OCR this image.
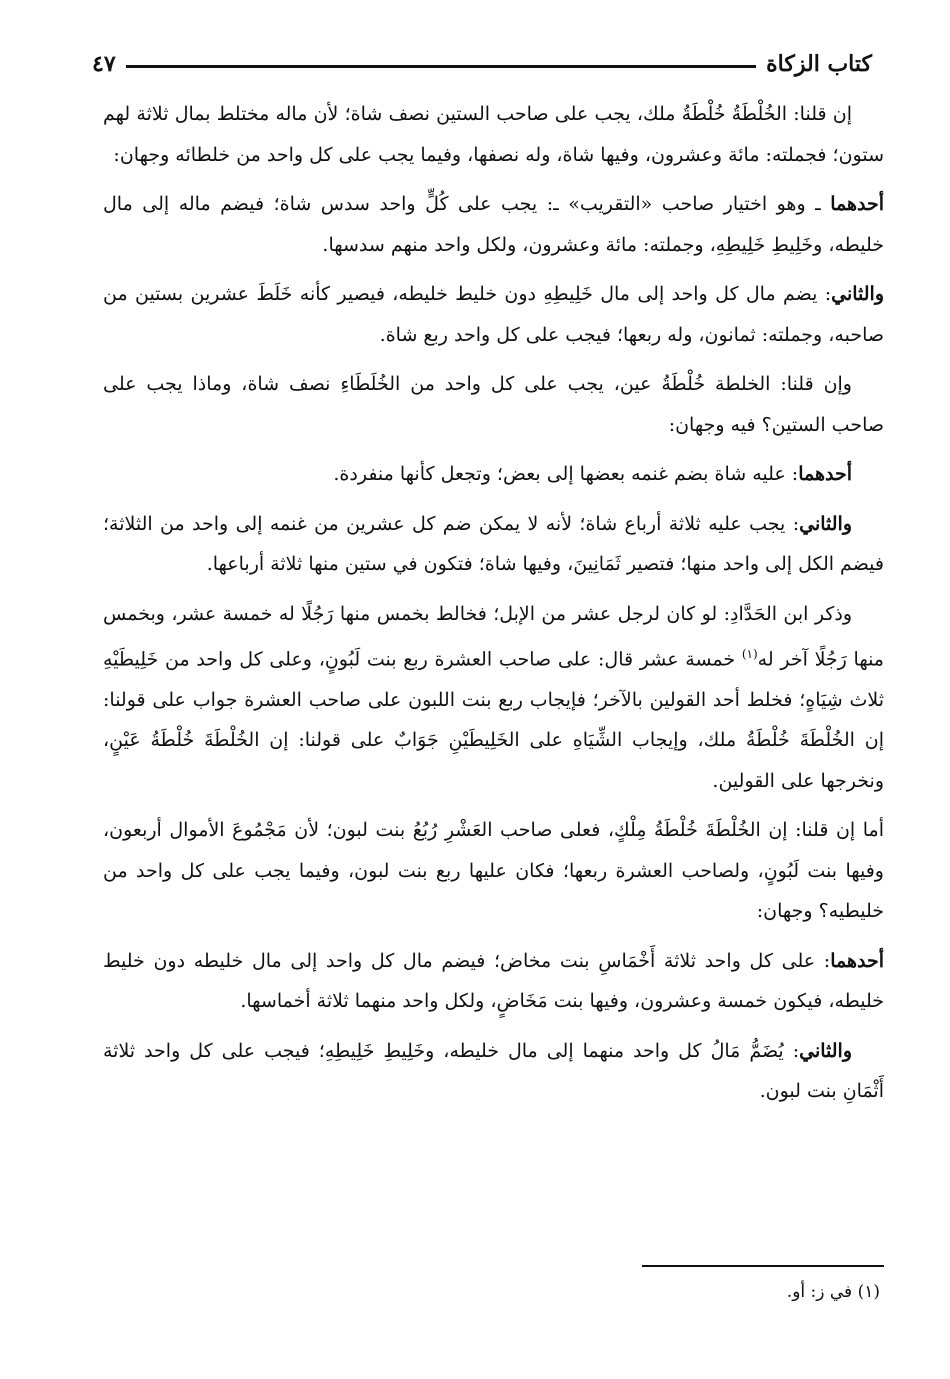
كتاب الزكاة
٤٧

إن قلنا: الخُلْطَةُ خُلْطَةُ ملك، يجب على صاحب الستين نصف شاة؛ لأن ماله مختلط بمال ثلاثة لهم ستون؛ فجملته: مائة وعشرون، وفيها شاة، وله نصفها، وفيما يجب على كل واحد من خلطائه وجهان:

أحدهما ـ وهو اختيار صاحب «التقريب» ـ: يجب على كُلٍّ واحد سدس شاة؛ فيضم ماله إلى مال خليطه، وخَلِيطِ خَلِيطِهِ، وجملته: مائة وعشرون، ولكل واحد منهم سدسها.

والثاني: يضم مال كل واحد إلى مال خَلِيطِهِ دون خليط خليطه، فيصير كأنه خَلَطَ عشرين بستين من صاحبه، وجملته: ثمانون، وله ربعها؛ فيجب على كل واحد ربع شاة.

وإن قلنا: الخلطة خُلْطَةُ عين، يجب على كل واحد من الخُلَطَاءِ نصف شاة، وماذا يجب على صاحب الستين؟ فيه وجهان:

أحدهما: عليه شاة بضم غنمه بعضها إلى بعض؛ وتجعل كأنها منفردة.

والثاني: يجب عليه ثلاثة أرباع شاة؛ لأنه لا يمكن ضم كل عشرين من غنمه إلى واحد من الثلاثة؛ فيضم الكل إلى واحد منها؛ فتصير ثَمَانِينَ، وفيها شاة؛ فتكون في ستين منها ثلاثة أرباعها.

وذكر ابن الحَدَّادِ: لو كان لرجل عشر من الإبل؛ فخالط بخمس منها رَجُلًا له خمسة عشر، وبخمس منها رَجُلًا آخر له$^{(١)}$ خمسة عشر قال: على صاحب العشرة ربع بنت لَبُونٍ، وعلى كل واحد من خَلِيطَيْهِ ثلاث شِيَاهٍ؛ فخلط أحد القولين بالآخر؛ فإيجاب ربع بنت اللبون على صاحب العشرة جواب على قولنا: إن الخُلْطَةَ خُلْطَةُ ملك، وإيجاب الشِّيَاهِ على الخَلِيطَيْنِ جَوَابٌ على قولنا: إن الخُلْطَةَ خُلْطَةُ عَيْنٍ، ونخرجها على القولين.

أما إن قلنا: إن الخُلْطَةَ خُلْطَةُ مِلْكٍ، فعلى صاحب العَشْرِ رُبُعُ بنت لبون؛ لأن مَجْمُوعَ الأموال أربعون، وفيها بنت لَبُونٍ، ولصاحب العشرة ربعها؛ فكان عليها ربع بنت لبون، وفيما يجب على كل واحد من خليطيه؟ وجهان:

أحدهما: على كل واحد ثلاثة أَخْمَاسِ بنت مخاض؛ فيضم مال كل واحد إلى مال خليطه دون خليط خليطه، فيكون خمسة وعشرون، وفيها بنت مَخَاضٍ، ولكل واحد منهما ثلاثة أخماسها.

والثاني: يُضَمُّ مَالُ كل واحد منهما إلى مال خليطه، وخَلِيطِ خَلِيطِهِ؛ فيجب على كل واحد ثلاثة أَثْمَانِ بنت لبون.

(١) في ز: أو.
